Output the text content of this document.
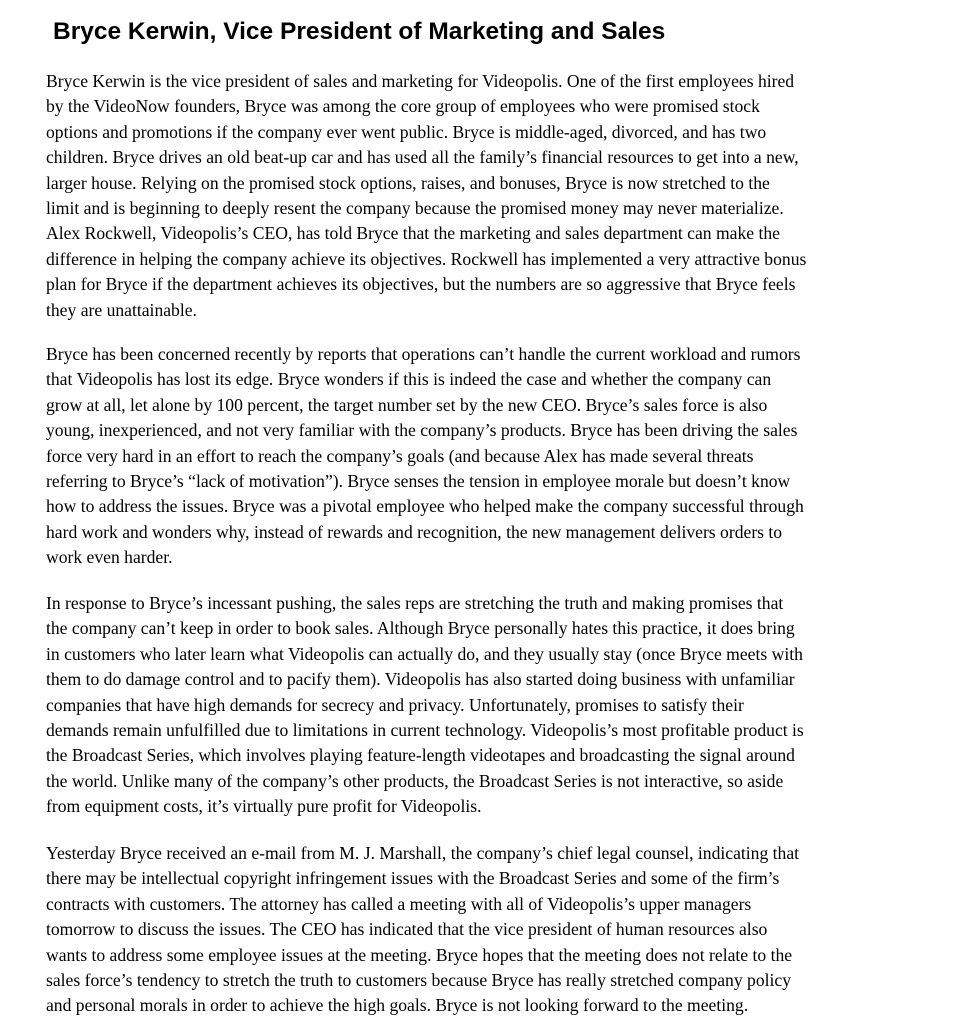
Bryce Kerwin, Vice President of Marketing and Sales

Bryce Kerwin is the vice president of sales and marketing for Videopolis. One of the first employees hired
by the VideoNow founders, Bryce was among the core group of employees who were promised stock
options and promotions if the company ever went public. Bryce is middle-aged, divorced, and has two
children. Bryce drives an old beat-up car and has used all the family’s financial resources to get into a new,
larger house. Relying on the promised stock options, raises, and bonuses, Bryce is now stretched to the
limit and is beginning to deeply resent the company because the promised money may never materialize.
Alex Rockwell, Videopolis’s CEO, has told Bryce that the marketing and sales department can make the
difference in helping the company achieve its objectives. Rockwell has implemented a very attractive bonus
plan for Bryce if the department achieves its objectives, but the numbers are so aggressive that Bryce feels
they are unattainable.

Bryce has been concerned recently by reports that operations can’t handle the current workload and rumors
that Videopolis has lost its edge. Bryce wonders if this is indeed the case and whether the company can
grow at all, let alone by 100 percent, the target number set by the new CEO. Bryce’s sales force is also
young, inexperienced, and not very familiar with the company’s products. Bryce has been driving the sales
force very hard in an effort to reach the company’s goals (and because Alex has made several threats
referring to Bryce’s “lack of motivation”). Bryce senses the tension in employee morale but doesn’t know
how to address the issues. Bryce was a pivotal employee who helped make the company successful through
hard work and wonders why, instead of rewards and recognition, the new management delivers orders to
work even harder.

In response to Bryce’s incessant pushing, the sales reps are stretching the truth and making promises that
the company can’t keep in order to book sales. Although Bryce personally hates this practice, it does bring
in customers who later learn what Videopolis can actually do, and they usually stay (once Bryce meets with
them to do damage control and to pacify them). Videopolis has also started doing business with unfamiliar
companies that have high demands for secrecy and privacy. Unfortunately, promises to satisfy their
demands remain unfulfilled due to limitations in current technology. Videopolis’s most profitable product is
the Broadcast Series, which involves playing feature-length videotapes and broadcasting the signal around
the world. Unlike many of the company’s other products, the Broadcast Series is not interactive, so aside
from equipment costs, it’s virtually pure profit for Videopolis.

Yesterday Bryce received an e-mail from M. J. Marshall, the company’s chief legal counsel, indicating that
there may be intellectual copyright infringement issues with the Broadcast Series and some of the firm’s
contracts with customers. The attorney has called a meeting with all of Videopolis’s upper managers
tomorrow to discuss the issues. The CEO has indicated that the vice president of human resources also
wants to address some employee issues at the meeting. Bryce hopes that the meeting does not relate to the
sales force’s tendency to stretch the truth to customers because Bryce has really stretched company policy
and personal morals in order to achieve the high goals. Bryce is not looking forward to the meeting.
